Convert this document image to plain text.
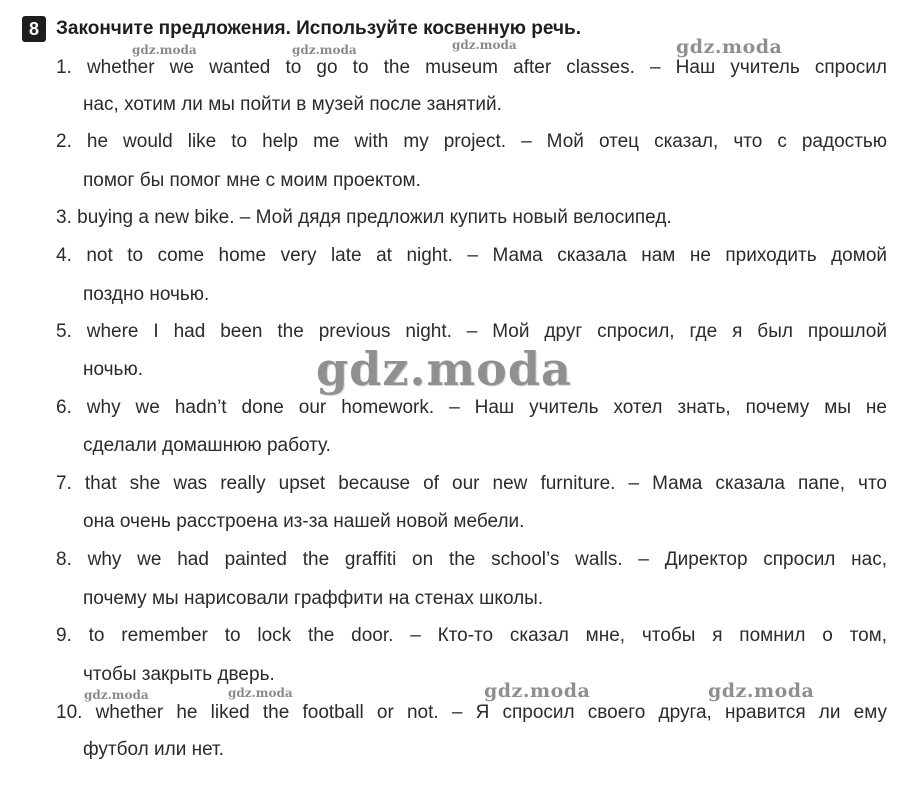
8 Закончите предложения. Используйте косвенную речь.
1. whether we wanted to go to the museum after classes. – Наш учитель спросил
нас, хотим ли мы пойти в музей после занятий.
2. he would like to help me with my project. – Мой отец сказал, что с радостью
помог бы помог мне с моим проектом.
3. buying a new bike. – Мой дядя предложил купить новый велосипед.
4. not to come home very late at night. – Мама сказала нам не приходить домой
поздно ночью.
5. where I had been the previous night. – Мой друг спросил, где я был прошлой
ночью.
6. why we hadn’t done our homework. – Наш учитель хотел знать, почему мы не
сделали домашнюю работу.
7. that she was really upset because of our new furniture. – Мама сказала папе, что
она очень расстроена из-за нашей новой мебели.
8. why we had painted the graffiti on the school’s walls. – Директор спросил нас,
почему мы нарисовали граффити на стенах школы.
9. to remember to lock the door. – Кто-то сказал мне, чтобы я помнил о том,
чтобы закрыть дверь.
10. whether he liked the football or not. – Я спросил своего друга, нравится ли ему
футбол или нет.
gdz.moda	gdz.moda	gdz.moda	gdz.moda
gdz.moda
gdz.moda	gdz.moda	gdz.moda	gdz.moda
